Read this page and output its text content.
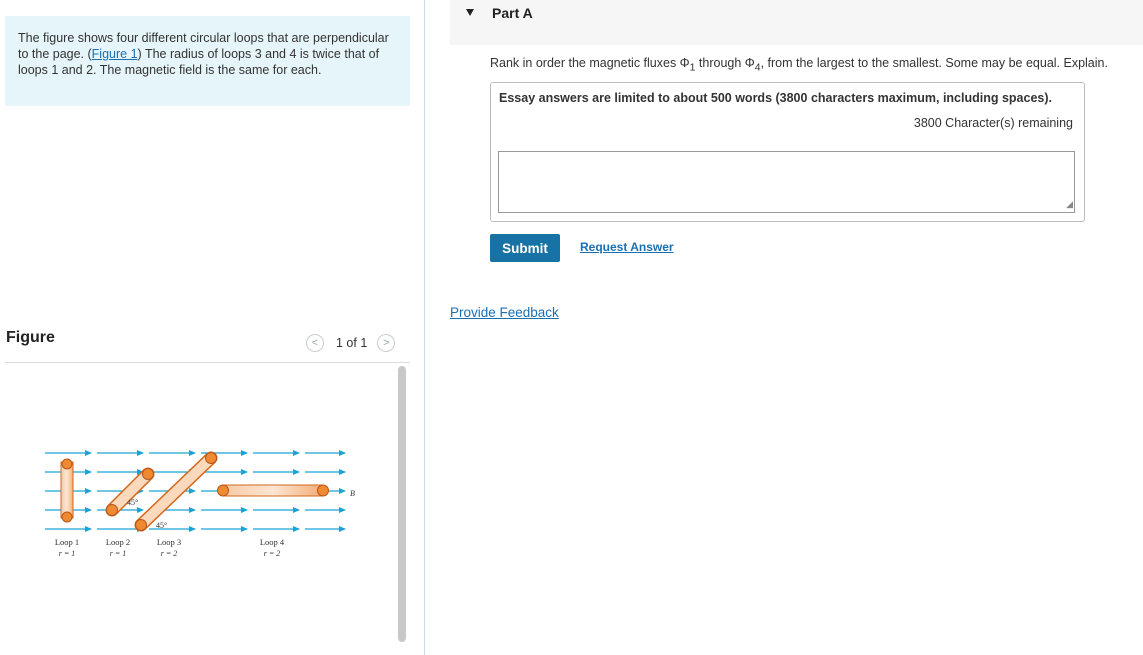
The figure shows four different circular loops that are perpendicular to the page. (Figure 1) The radius of loops 3 and 4 is twice that of loops 1 and 2. The magnetic field is the same for each.
Figure	<	1 of 1	>
45°
45°
B
Loop 1
r = 1
Loop 2
r = 1
Loop 3
r = 2
Loop 4
r = 2
Part A
Rank in order the magnetic fluxes $\Phi_1$ through $\Phi_4$, from the largest to the smallest. Some may be equal. Explain.
Essay answers are limited to about 500 words (3800 characters maximum, including spaces).
3800 Character(s) remaining
◢
Submit	Request Answer
Provide Feedback
